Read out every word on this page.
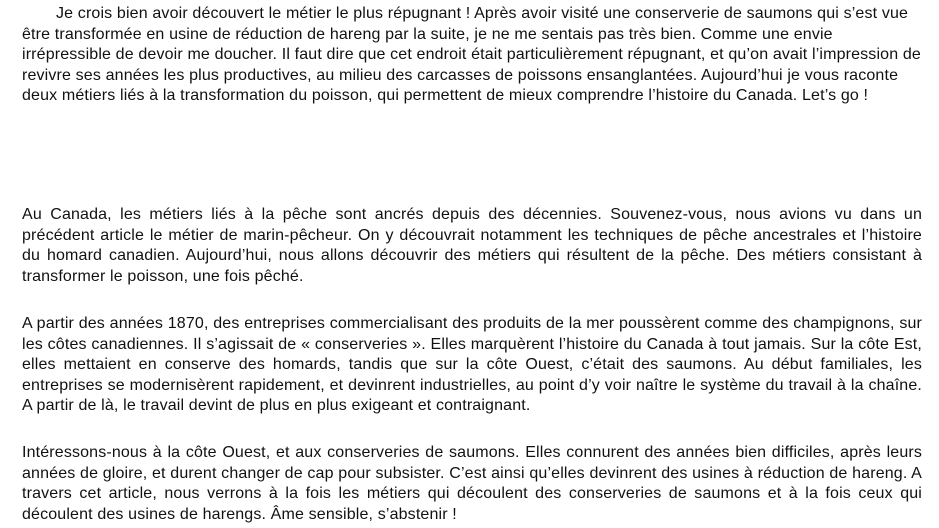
Je crois bien avoir découvert le métier le plus répugnant ! Après avoir visité une conserverie de saumons qui s’est vue être transformée en usine de réduction de hareng par la suite, je ne me sentais pas très bien. Comme une envie irrépressible de devoir me doucher. Il faut dire que cet endroit était particulièrement répugnant, et qu’on avait l’impression de revivre ses années les plus productives, au milieu des carcasses de poissons ensanglantées. Aujourd’hui je vous raconte deux métiers liés à la transformation du poisson, qui permettent de mieux comprendre l’histoire du Canada. Let’s go !

Au Canada, les métiers liés à la pêche sont ancrés depuis des décennies. Souvenez-vous, nous avions vu dans un précédent article le métier de marin-pêcheur. On y découvrait notamment les techniques de pêche ancestrales et l’histoire du homard canadien. Aujourd’hui, nous allons découvrir des métiers qui résultent de la pêche. Des métiers consistant à transformer le poisson, une fois pêché.

A partir des années 1870, des entreprises commercialisant des produits de la mer poussèrent comme des champignons, sur les côtes canadiennes. Il s’agissait de « conserveries ». Elles marquèrent l’histoire du Canada à tout jamais. Sur la côte Est, elles mettaient en conserve des homards, tandis que sur la côte Ouest, c’était des saumons. Au début familiales, les entreprises se modernisèrent rapidement, et devinrent industrielles, au point d’y voir naître le système du travail à la chaîne. A partir de là, le travail devint de plus en plus exigeant et contraignant.

Intéressons-nous à la côte Ouest, et aux conserveries de saumons. Elles connurent des années bien difficiles, après leurs années de gloire, et durent changer de cap pour subsister. C’est ainsi qu’elles devinrent des usines à réduction de hareng. A travers cet article, nous verrons à la fois les métiers qui découlent des conserveries de saumons et à la fois ceux qui découlent des usines de harengs. Âme sensible, s’abstenir !
